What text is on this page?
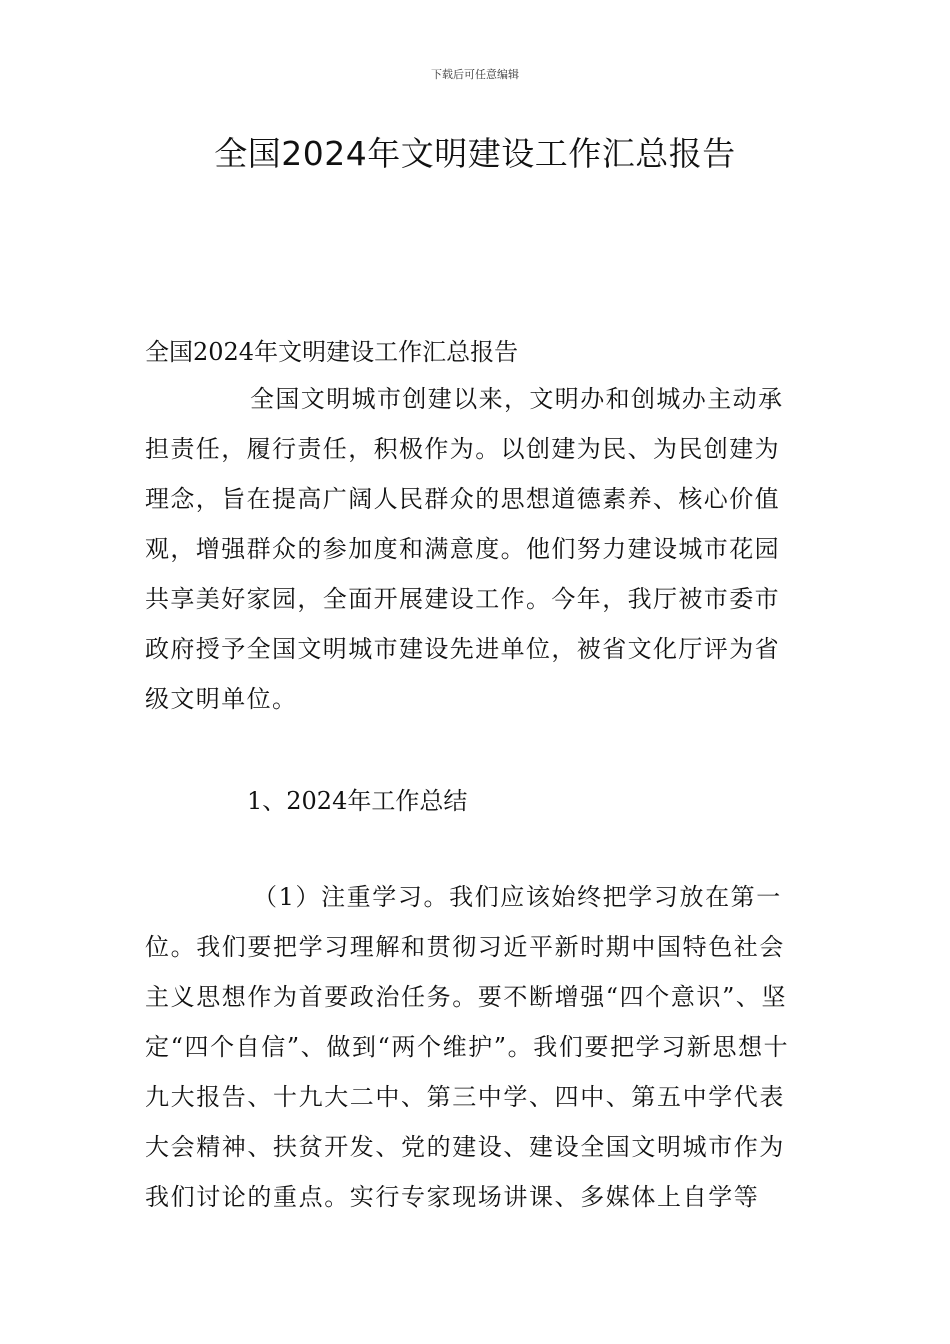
下载后可任意编辑
全国2024年文明建设工作汇总报告

全国2024年文明建设工作汇总报告

全国文明城市创建以来，文明办和创城办主动承担责任，履行责任，积极作为。以创建为民、为民创建为理念，旨在提高广阔人民群众的思想道德素养、核心价值观，增强群众的参加度和满意度。他们努力建设城市花园共享美好家园，全面开展建设工作。今年，我厅被市委市政府授予全国文明城市建设先进单位，被省文化厅评为省级文明单位。

1、2024年工作总结

（1）注重学习。我们应该始终把学习放在第一位。我们要把学习理解和贯彻习近平新时期中国特色社会主义思想作为首要政治任务。要不断增强“四个意识”、坚定“四个自信”、做到“两个维护”。我们要把学习新思想十九大报告、十九大二中、第三中学、四中、第五中学代表大会精神、扶贫开发、党的建设、建设全国文明城市作为我们讨论的重点。实行专家现场讲课、多媒体上自学等
